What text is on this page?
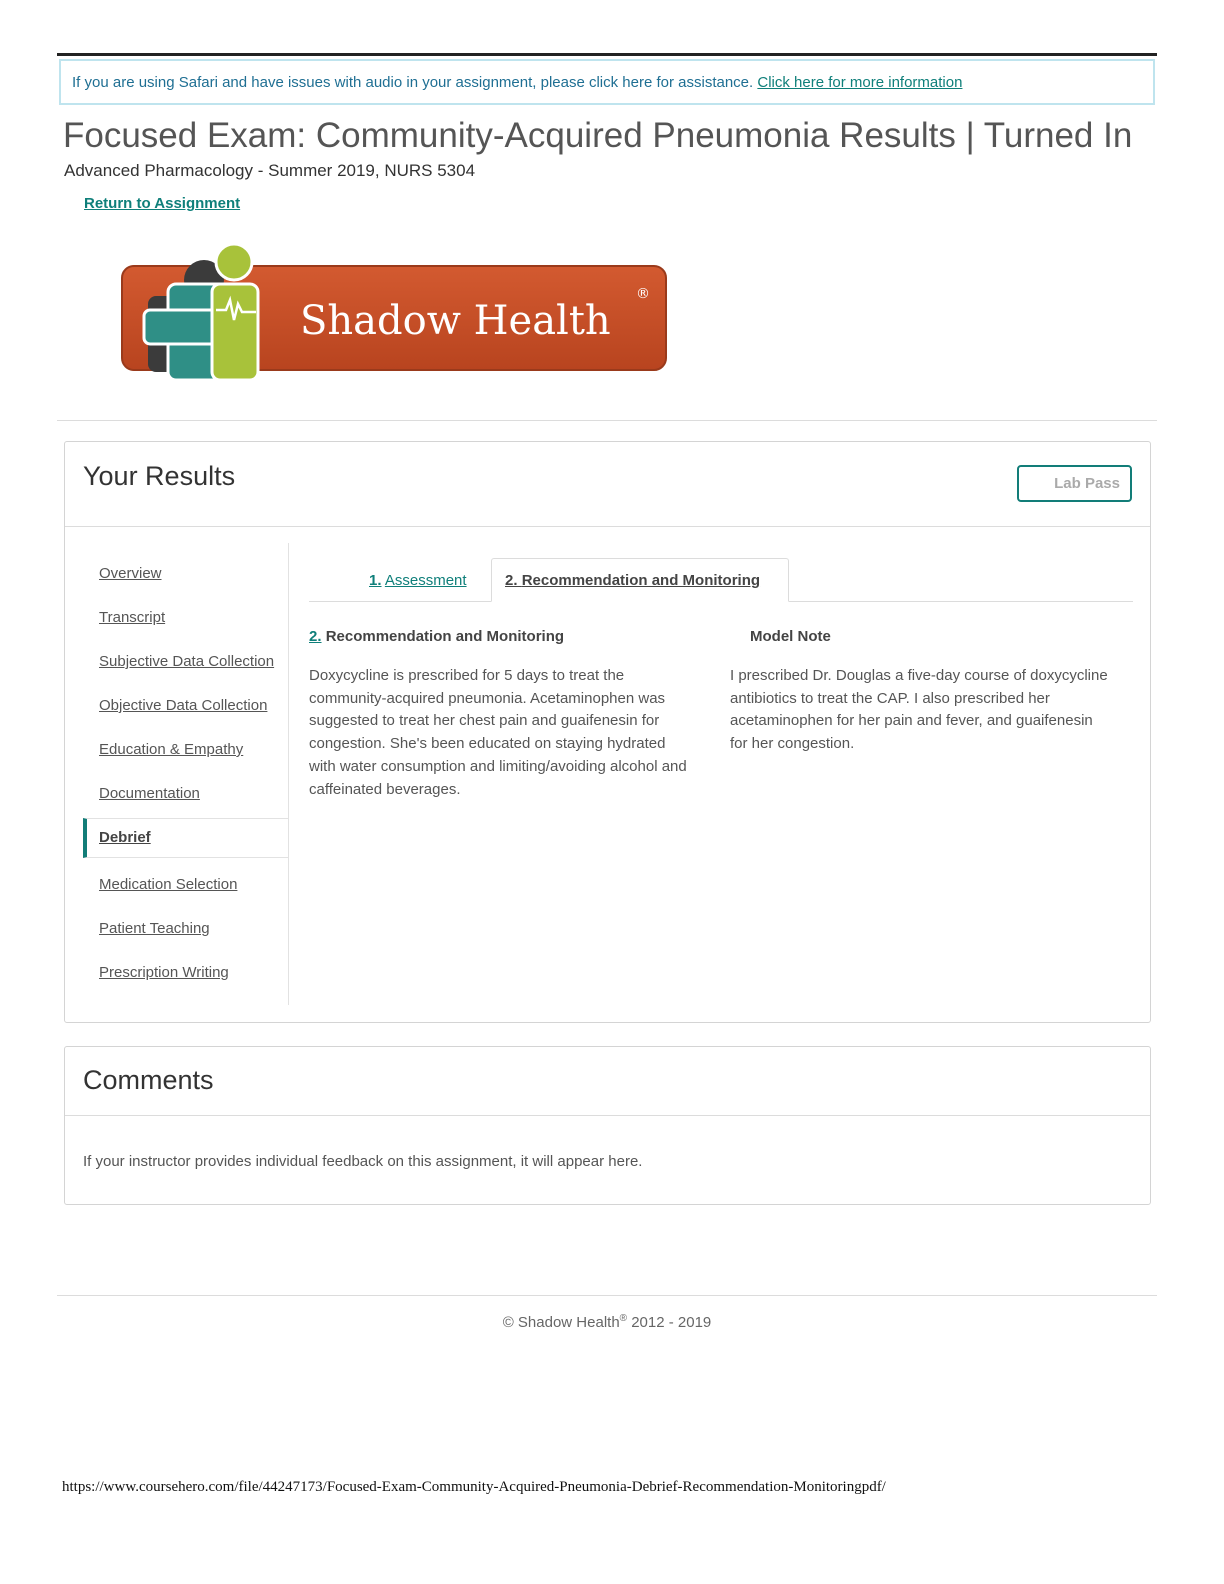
If you are using Safari and have issues with audio in your assignment, please click here for assistance. Click here for more information
Focused Exam: Community-Acquired Pneumonia Results | Turned In
Advanced Pharmacology - Summer 2019, NURS 5304
Return to Assignment
Shadow Health
®
Your Results	Lab Pass
Overview
Transcript
Subjective Data Collection
Objective Data Collection
Education & Empathy
Documentation
Debrief
Medication Selection
Patient Teaching
Prescription Writing
1. Assessment	2. Recommendation and Monitoring
2. Recommendation and Monitoring	Model Note
Doxycycline is prescribed for 5 days to treat the
community-acquired pneumonia. Acetaminophen was
suggested to treat her chest pain and guaifenesin for
congestion. She's been educated on staying hydrated
with water consumption and limiting/avoiding alcohol and
caffeinated beverages.
I prescribed Dr. Douglas a five-day course of doxycycline
antibiotics to treat the CAP. I also prescribed her
acetaminophen for her pain and fever, and guaifenesin
for her congestion.
Comments
If your instructor provides individual feedback on this assignment, it will appear here.
© Shadow Health® 2012 - 2019
https://www.coursehero.com/file/44247173/Focused-Exam-Community-Acquired-Pneumonia-Debrief-Recommendation-Monitoringpdf/
